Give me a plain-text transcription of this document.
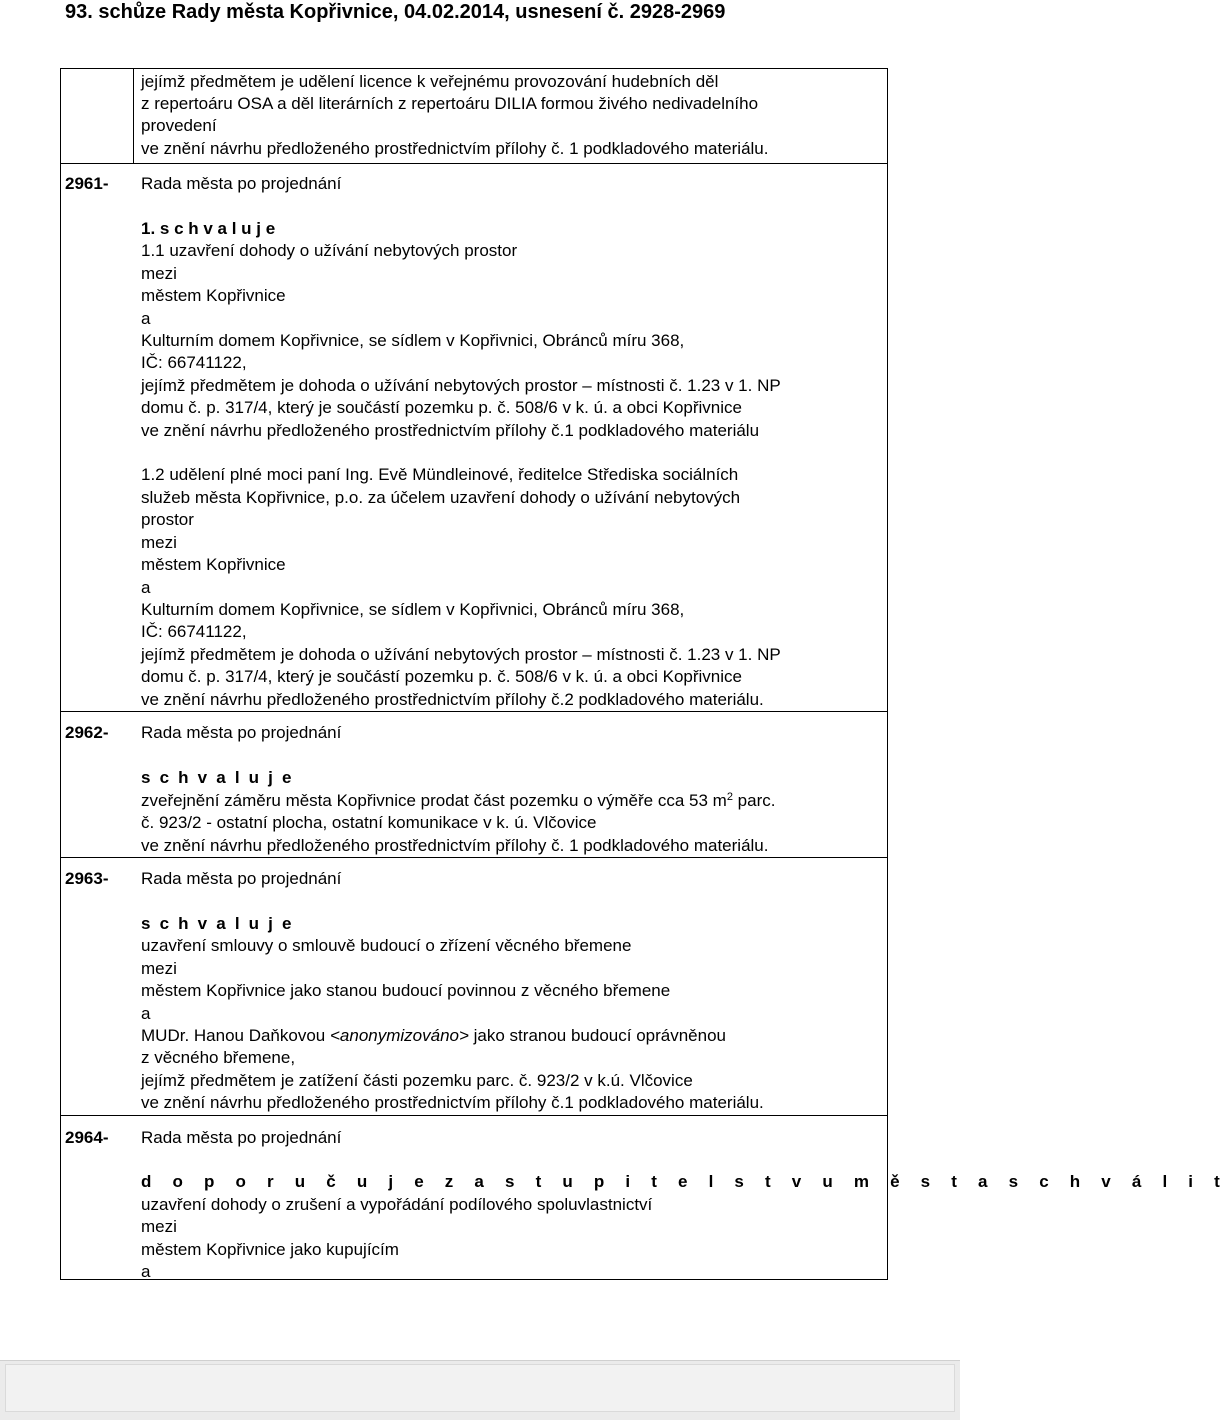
93. schůze Rady města Kopřivnice, 04.02.2014, usnesení č. 2928-2969
jejímž předmětem je udělení licence k veřejnému provozování hudebních děl
z repertoáru OSA a děl literárních z repertoáru DILIA formou živého nedivadelního
provedení
ve znění návrhu předloženého prostřednictvím přílohy č. 1 podkladového materiálu.
2961- Rada města po projednání
1. s c h v a l u j e
1.1 uzavření dohody o užívání nebytových prostor
mezi
městem Kopřivnice
a
Kulturním domem Kopřivnice, se sídlem v Kopřivnici, Obránců míru 368,
IČ: 66741122,
jejímž předmětem je dohoda o užívání nebytových prostor – místnosti č. 1.23 v 1. NP
domu č. p. 317/4, který je součástí pozemku p. č. 508/6 v k. ú. a obci Kopřivnice
ve znění návrhu předloženého prostřednictvím přílohy č.1 podkladového materiálu
1.2 udělení plné moci paní Ing. Evě Mündleinové, ředitelce Střediska sociálních
služeb města Kopřivnice, p.o. za účelem uzavření dohody o užívání nebytových
prostor
mezi
městem Kopřivnice
a
Kulturním domem Kopřivnice, se sídlem v Kopřivnici, Obránců míru 368,
IČ: 66741122,
jejímž předmětem je dohoda o užívání nebytových prostor – místnosti č. 1.23 v 1. NP
domu č. p. 317/4, který je součástí pozemku p. č. 508/6 v k. ú. a obci Kopřivnice
ve znění návrhu předloženého prostřednictvím přílohy č.2 podkladového materiálu.
2962- Rada města po projednání
s c h v a l u j e
zveřejnění záměru města Kopřivnice prodat část pozemku o výměře cca 53 $m^2$ parc.
č. 923/2 - ostatní plocha, ostatní komunikace v k. ú. Vlčovice
ve znění návrhu předloženého prostřednictvím přílohy č. 1 podkladového materiálu.
2963- Rada města po projednání
s c h v a l u j e
uzavření smlouvy o smlouvě budoucí o zřízení věcného břemene
mezi
městem Kopřivnice jako stanou budoucí povinnou z věcného břemene
a
MUDr. Hanou Daňkovou <anonymizováno> jako stranou budoucí oprávněnou
z věcného břemene,
jejímž předmětem je zatížení části pozemku parc. č. 923/2 v k.ú. Vlčovice
ve znění návrhu předloženého prostřednictvím přílohy č.1 podkladového materiálu.
2964- Rada města po projednání
d o p o r u č u j e z a s t u p i t e l s t v u m ě s t a s c h v á l i t
uzavření dohody o zrušení a vypořádání podílového spoluvlastnictví
mezi
městem Kopřivnice jako kupujícím
a
